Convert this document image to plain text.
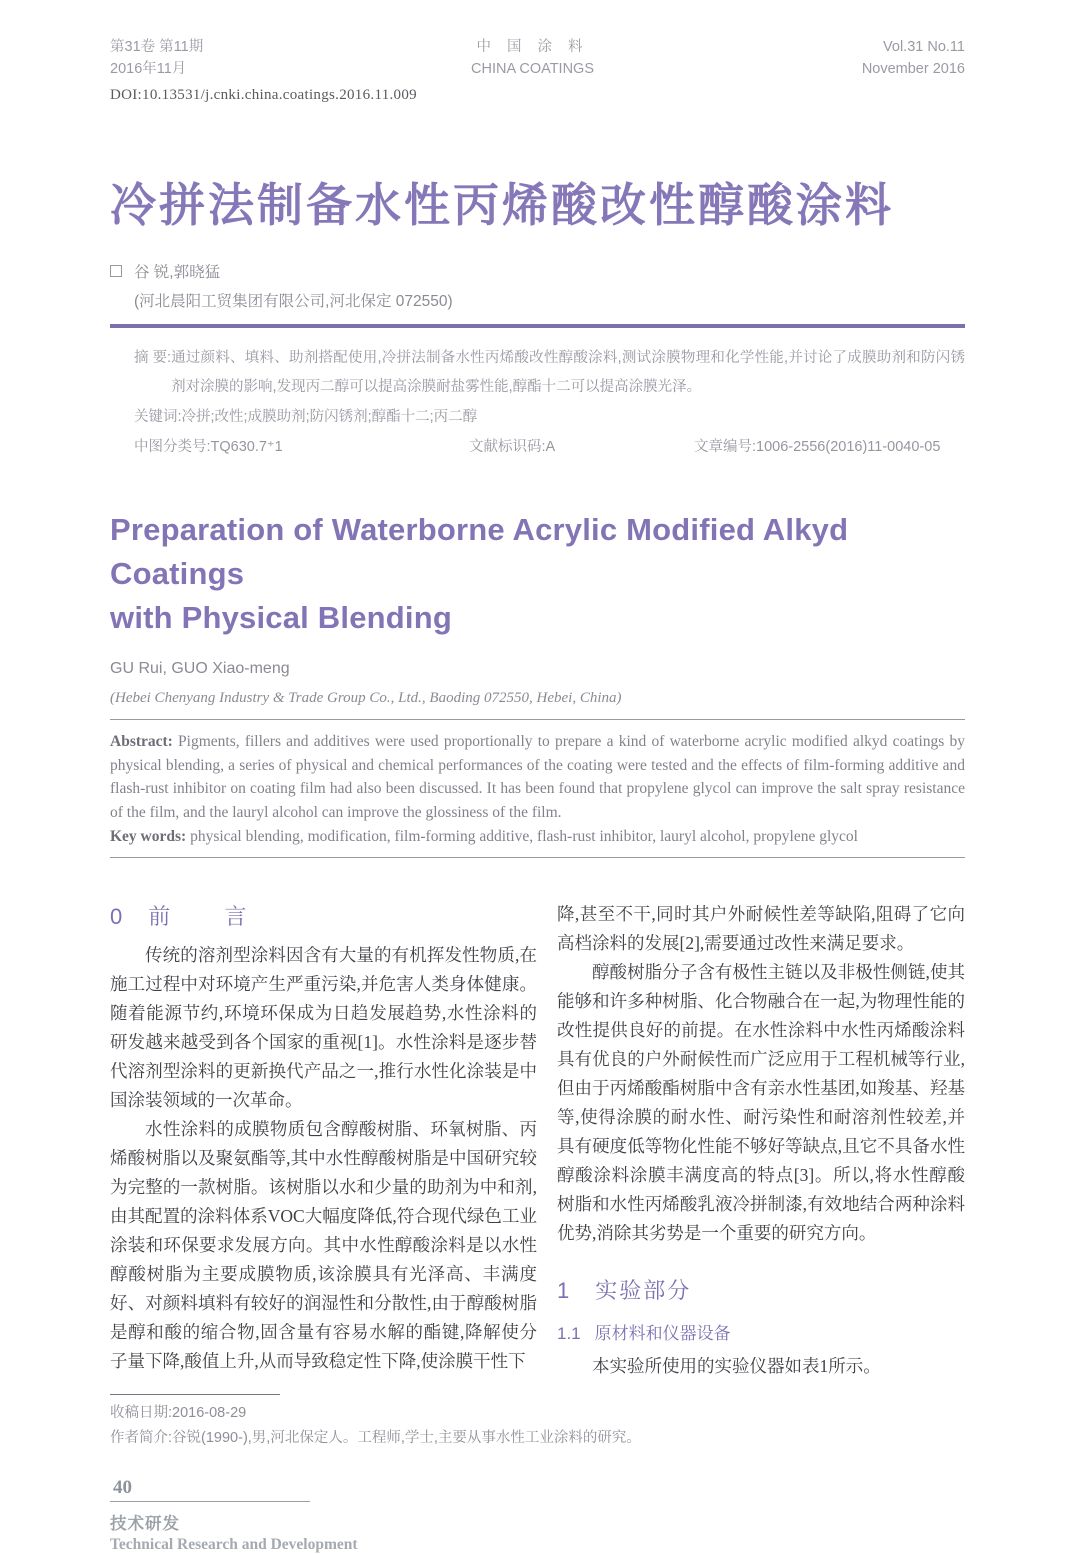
第31卷 第11期
2016年11月
中 国 涂 料
CHINA COATINGS
Vol.31 No.11
November 2016
DOI:10.13531/j.cnki.china.coatings.2016.11.009
冷拼法制备水性丙烯酸改性醇酸涂料
谷 锐,郭晓猛
(河北晨阳工贸集团有限公司,河北保定 072550)
摘 要: 通过颜料、填料、助剂搭配使用,冷拼法制备水性丙烯酸改性醇酸涂料,测试涂膜物理和化学性能,并讨论了成膜助剂和防闪锈剂对涂膜的影响,发现丙二醇可以提高涂膜耐盐雾性能,醇酯十二可以提高涂膜光泽。
关键词:冷拼;改性;成膜助剂;防闪锈剂;醇酯十二;丙二醇
中图分类号:TQ630.7⁺1	文献标识码:A	文章编号:1006-2556(2016)11-0040-05
Preparation of Waterborne Acrylic Modified Alkyd Coatings
with Physical Blending
GU Rui, GUO Xiao-meng
(Hebei Chenyang Industry & Trade Group Co., Ltd., Baoding 072550, Hebei, China)
Abstract: Pigments, fillers and additives were used proportionally to prepare a kind of waterborne acrylic modified alkyd coatings by physical blending, a series of physical and chemical performances of the coating were tested and the effects of film-forming additive and flash-rust inhibitor on coating film had also been discussed. It has been found that propylene glycol can improve the salt spray resistance of the film, and the lauryl alcohol can improve the glossiness of the film.
Key words: physical blending, modification, film-forming additive, flash-rust inhibitor, lauryl alcohol, propylene glycol
0 前 言

传统的溶剂型涂料因含有大量的有机挥发性物质,在施工过程中对环境产生严重污染,并危害人类身体健康。随着能源节约,环境环保成为日趋发展趋势,水性涂料的研发越来越受到各个国家的重视[1]。水性涂料是逐步替代溶剂型涂料的更新换代产品之一,推行水性化涂装是中国涂装领域的一次革命。

水性涂料的成膜物质包含醇酸树脂、环氧树脂、丙烯酸树脂以及聚氨酯等,其中水性醇酸树脂是中国研究较为完整的一款树脂。该树脂以水和少量的助剂为中和剂,由其配置的涂料体系VOC大幅度降低,符合现代绿色工业涂装和环保要求发展方向。其中水性醇酸涂料是以水性醇酸树脂为主要成膜物质,该涂膜具有光泽高、丰满度好、对颜料填料有较好的润湿性和分散性,由于醇酸树脂是醇和酸的缩合物,固含量有容易水解的酯键,降解使分子量下降,酸值上升,从而导致稳定性下降,使涂膜干性下

降,甚至不干,同时其户外耐候性差等缺陷,阻碍了它向高档涂料的发展[2],需要通过改性来满足要求。

醇酸树脂分子含有极性主链以及非极性侧链,使其能够和许多种树脂、化合物融合在一起,为物理性能的改性提供良好的前提。在水性涂料中水性丙烯酸涂料具有优良的户外耐候性而广泛应用于工程机械等行业,但由于丙烯酸酯树脂中含有亲水性基团,如羧基、羟基等,使得涂膜的耐水性、耐污染性和耐溶剂性较差,并具有硬度低等物化性能不够好等缺点,且它不具备水性醇酸涂料涂膜丰满度高的特点[3]。所以,将水性醇酸树脂和水性丙烯酸乳液冷拼制漆,有效地结合两种涂料优势,消除其劣势是一个重要的研究方向。

1 实验部分
1.1 原材料和仪器设备

本实验所使用的实验仪器如表1所示。

收稿日期:2016-08-29
作者简介:谷锐(1990-),男,河北保定人。工程师,学士,主要从事水性工业涂料的研究。
40
技术研发
Technical Research and Development
